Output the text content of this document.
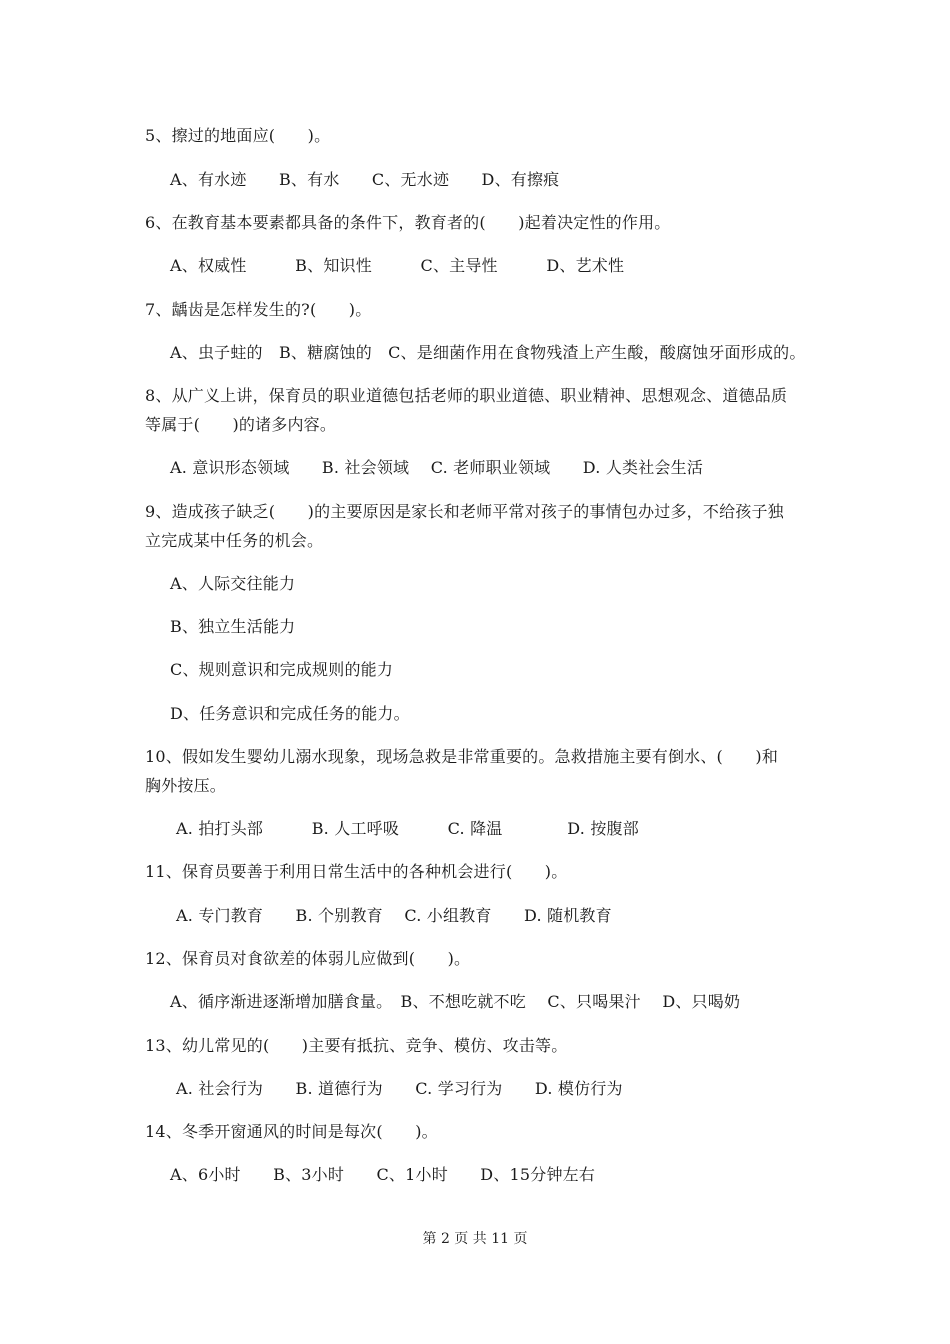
5、擦过的地面应(　　)。
A、有水迹　　B、有水　　C、无水迹　　D、有擦痕
6、在教育基本要素都具备的条件下，教育者的(　　)起着决定性的作用。
A、权威性　　　B、知识性　　　C、主导性　　　D、艺术性
7、龋齿是怎样发生的?(　　)。
A、虫子蛀的　B、糖腐蚀的　C、是细菌作用在食物残渣上产生酸，酸腐蚀牙面形成的。
8、从广义上讲，保育员的职业道德包括老师的职业道德、职业精神、思想观念、道德品质
等属于(　　)的诸多内容。
A. 意识形态领域　　B. 社会领域　 C. 老师职业领域　　D. 人类社会生活
9、造成孩子缺乏(　　)的主要原因是家长和老师平常对孩子的事情包办过多，不给孩子独
立完成某中任务的机会。
A、人际交往能力
B、独立生活能力
C、规则意识和完成规则的能力
D、任务意识和完成任务的能力。
10、假如发生婴幼儿溺水现象，现场急救是非常重要的。急救措施主要有倒水、(　　)和
胸外按压。
A. 拍打头部　　　B. 人工呼吸　　　C. 降温　　　　D. 按腹部
11、保育员要善于利用日常生活中的各种机会进行(　　)。
A. 专门教育　　B. 个别教育　 C. 小组教育　　D. 随机教育
12、保育员对食欲差的体弱儿应做到(　　)。
A、循序渐进逐渐增加膳食量。　B、不想吃就不吃　 C、只喝果汁　 D、只喝奶
13、幼儿常见的(　　)主要有抵抗、竞争、模仿、攻击等。
A. 社会行为　　B. 道德行为　　C. 学习行为　　D. 模仿行为
14、冬季开窗通风的时间是每次(　　)。
A、6小时　　B、3小时　　C、1小时　　D、15分钟左右
第 2 页 共 11 页
